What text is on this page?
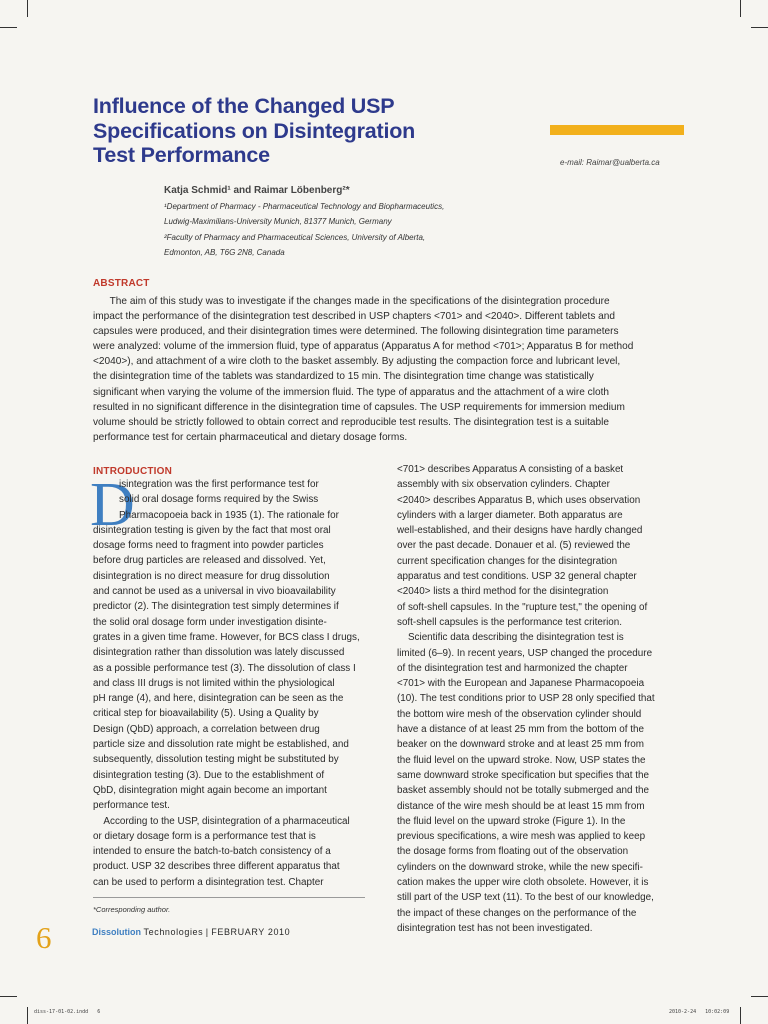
Influence of the Changed USP
Specifications on Disintegration
Test Performance	e-mail: Raimar@ualberta.ca
Katja Schmid¹ and Raimar Löbenberg²*
¹Department of Pharmacy - Pharmaceutical Technology and Biopharmaceutics,
Ludwig-Maximilians-University Munich, 81377 Munich, Germany
²Faculty of Pharmacy and Pharmaceutical Sciences, University of Alberta,
Edmonton, AB, T6G 2N8, Canada
ABSTRACT
The aim of this study was to investigate if the changes made in the specifications of the disintegration procedure
impact the performance of the disintegration test described in USP chapters <701> and <2040>. Different tablets and
capsules were produced, and their disintegration times were determined. The following disintegration time parameters
were analyzed: volume of the immersion fluid, type of apparatus (Apparatus A for method <701>; Apparatus B for method
<2040>), and attachment of a wire cloth to the basket assembly. By adjusting the compaction force and lubricant level,
the disintegration time of the tablets was standardized to 15 min. The disintegration time change was statistically
significant when varying the volume of the immersion fluid. The type of apparatus and the attachment of a wire cloth
resulted in no significant difference in the disintegration time of capsules. The USP requirements for immersion medium
volume should be strictly followed to obtain correct and reproducible test results. The disintegration test is a suitable
performance test for certain pharmaceutical and dietary dosage forms.
INTRODUCTION
D
isintegration was the first performance test for
solid oral dosage forms required by the Swiss
Pharmacopoeia back in 1935 (1). The rationale for
disintegration testing is given by the fact that most oral
dosage forms need to fragment into powder particles
before drug particles are released and dissolved. Yet,
disintegration is no direct measure for drug dissolution
and cannot be used as a universal in vivo bioavailability
predictor (2). The disintegration test simply determines if
the solid oral dosage form under investigation disinte-
grates in a given time frame. However, for BCS class I drugs,
disintegration rather than dissolution was lately discussed
as a possible performance test (3). The dissolution of class I
and class III drugs is not limited within the physiological
pH range (4), and here, disintegration can be seen as the
critical step for bioavailability (5). Using a Quality by
Design (QbD) approach, a correlation between drug
particle size and dissolution rate might be established, and
subsequently, dissolution testing might be substituted by
disintegration testing (3). Due to the establishment of
QbD, disintegration might again become an important
performance test.
According to the USP, disintegration of a pharmaceutical
or dietary dosage form is a performance test that is
intended to ensure the batch-to-batch consistency of a
product. USP 32 describes three different apparatus that
can be used to perform a disintegration test. Chapter
<701> describes Apparatus A consisting of a basket
assembly with six observation cylinders. Chapter
<2040> describes Apparatus B, which uses observation
cylinders with a larger diameter. Both apparatus are
well-established, and their designs have hardly changed
over the past decade. Donauer et al. (5) reviewed the
current specification changes for the disintegration
apparatus and test conditions. USP 32 general chapter
<2040> lists a third method for the disintegration
of soft-shell capsules. In the "rupture test," the opening of
soft-shell capsules is the performance test criterion.
Scientific data describing the disintegration test is
limited (6–9). In recent years, USP changed the procedure
of the disintegration test and harmonized the chapter
<701> with the European and Japanese Pharmacopoeia
(10). The test conditions prior to USP 28 only specified that
the bottom wire mesh of the observation cylinder should
have a distance of at least 25 mm from the bottom of the
beaker on the downward stroke and at least 25 mm from
the fluid level on the upward stroke. Now, USP states the
same downward stroke specification but specifies that the
basket assembly should not be totally submerged and the
distance of the wire mesh should be at least 15 mm from
the fluid level on the upward stroke (Figure 1). In the
previous specifications, a wire mesh was applied to keep
the dosage forms from floating out of the observation
cylinders on the downward stroke, while the new specifi-
cation makes the upper wire cloth obsolete. However, it is
still part of the USP text (11). To the best of our knowledge,
the impact of these changes on the performance of the
disintegration test has not been investigated.
*Corresponding author.
6	Dissolution Technologies | FEBRUARY 2010
diss-17-01-02.indd   6	2010-2-24   10:02:09
